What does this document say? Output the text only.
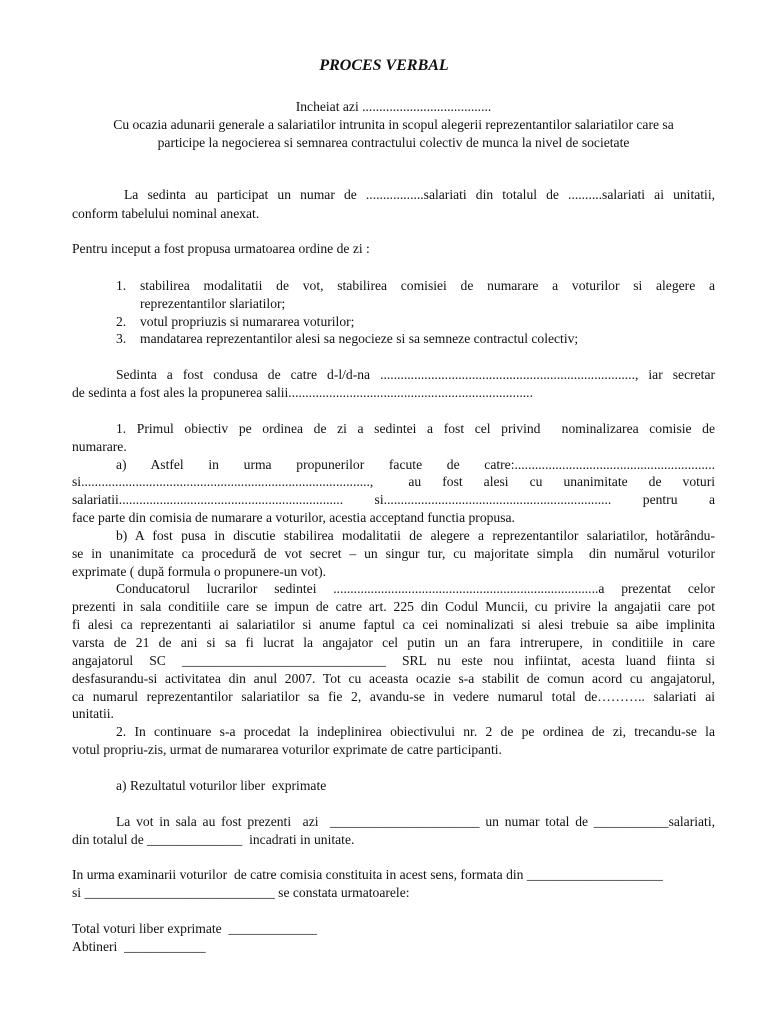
PROCES VERBAL
Incheiat azi ......................................
Cu ocazia adunarii generale a salariatilor intrunita in scopul alegerii reprezentantilor salariatilor care sa
participe la negocierea si semnarea contractului colectiv de munca la nivel de societate
La sedinta au participat un numar de .................salariati din totalul de ..........salariati ai unitatii,
conform tabelului nominal anexat.
Pentru inceput a fost propusa urmatoarea ordine de zi :
1. stabilirea modalitatii de vot, stabilirea comisiei de numarare a voturilor si alegere a
reprezentantilor slariatilor;
2. votul propriuzis si numararea voturilor;
3. mandatarea reprezentantilor alesi sa negocieze si sa semneze contractul colectiv;
Sedinta a fost condusa de catre d-l/d-na ..........................................................................., iar secretar
de sedinta a fost ales la propunerea salii........................................................................
1. Primul obiectiv pe ordinea de zi a sedintei a fost cel privind  nominalizarea comisie de
numarare.
a)    Astfel    in    urma    propunerilor    facute    de    catre:...........................................................
si.....................................................................................,     au   fost   alesi   cu   unanimitate   de   voturi
salariatii.................................................................. si................................................................... pentru a
face parte din comisia de numarare a voturilor, acestia acceptand functia propusa.
b) A fost pusa in discutie stabilirea modalitatii de alegere a reprezentantilor salariatilor, hotărându-
se in unanimitate ca procedură de vot secret – un singur tur, cu majoritate simpla  din numărul voturilor
exprimate ( după formula o propunere-un vot).
Conducatorul lucrarilor sedintei ..............................................................................a prezentat celor
prezenti in sala conditiile care se impun de catre art. 225 din Codul Muncii, cu privire la angajatii care pot
fi alesi ca reprezentanti ai salariatilor si anume faptul ca cei nominalizati si alesi trebuie sa aibe implinita
varsta de 21 de ani si sa fi lucrat la angajator cel putin un an fara intrerupere, in conditiile in care
angajatorul   SC   ______________________________   SRL  nu  este  nou  infiintat,  acesta  luand  fiinta  si
desfasurandu-si activitatea din anul 2007. Tot cu aceasta ocazie s-a stabilit de comun acord cu angajatorul,
ca numarul reprezentantilor salariatilor sa fie 2, avandu-se in vedere numarul total de……….. salariati ai
unitatii.
2. In continuare s-a procedat la indeplinirea obiectivului nr. 2 de pe ordinea de zi, trecandu-se la
votul propriu-zis, urmat de numararea voturilor exprimate de catre participanti.
a) Rezultatul voturilor liber  exprimate
La vot in sala au fost prezenti  azi  ______________________ un numar total de ___________salariati,
din totalul de ______________  incadrati in unitate.
In urma examinarii voturilor  de catre comisia constituita in acest sens, formata din ____________________
si ____________________________ se constata urmatoarele:
Total voturi liber exprimate  _____________
Abtineri  ____________
